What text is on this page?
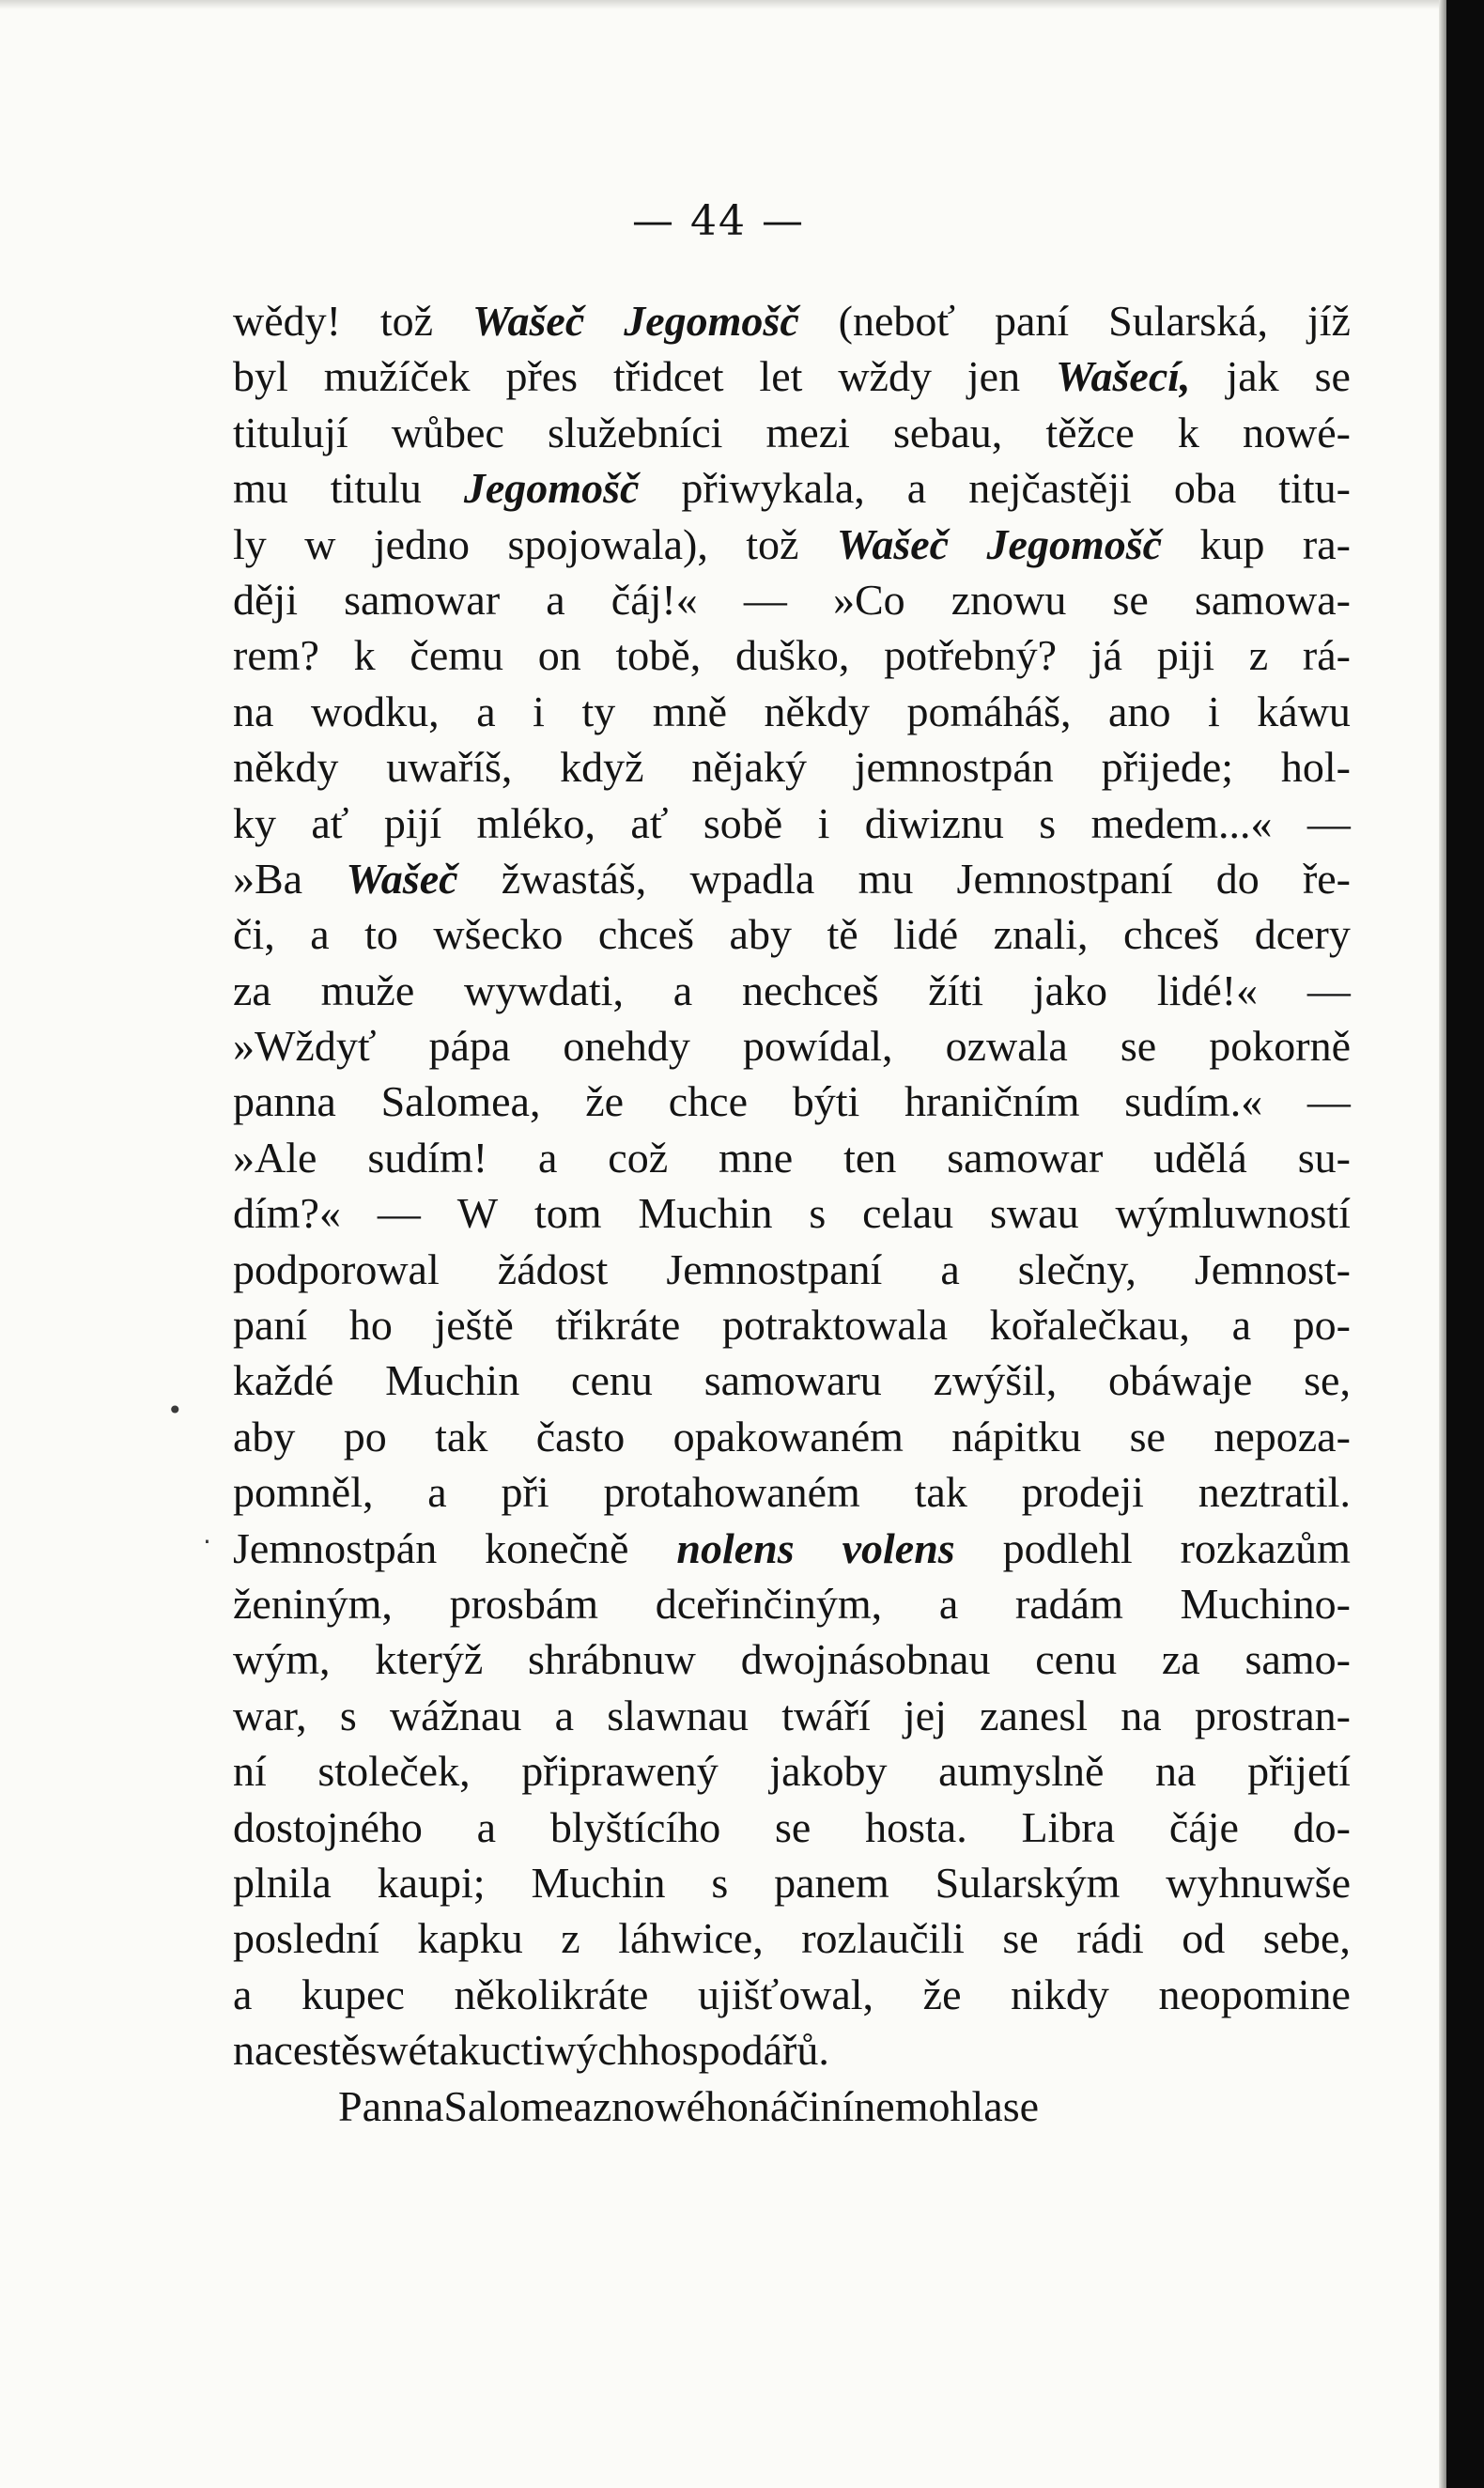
— 44 —
wědy! tož Wašeč Jegomošč (neboť paní Sularská, jíž
byl mužíček přes třidcet let wždy jen Wašecí, jak se
titulují wůbec služebníci mezi sebau, těžce k nowé-
mu titulu Jegomošč přiwykala, a nejčastěji oba titu-
ly w jedno spojowala), tož Wašeč Jegomošč kup ra-
ději samowar a čáj!« — »Co znowu se samowa-
rem? k čemu on tobě, duško, potřebný? já piji z rá-
na wodku, a i ty mně někdy pomáháš, ano i káwu
někdy uwaříš, když nějaký jemnostpán přijede; hol-
ky ať pijí mléko, ať sobě i diwiznu s medem...« —
»Ba Wašeč žwastáš, wpadla mu Jemnostpaní do ře-
či, a to wšecko chceš aby tě lidé znali, chceš dcery
za muže wywdati, a nechceš žíti jako lidé!« —
»Wždyť pápa onehdy powídal, ozwala se pokorně
panna Salomea, že chce býti hraničním sudím.« —
»Ale sudím! a což mne ten samowar udělá su-
dím?« — W tom Muchin s celau swau wýmluwností
podporowal žádost Jemnostpaní a slečny, Jemnost-
paní ho ještě třikráte potraktowala kořalečkau, a po-
každé Muchin cenu samowaru zwýšil, obáwaje se,
aby po tak často opakowaném nápitku se nepoza-
pomněl, a při protahowaném tak prodeji neztratil.
Jemnostpán konečně nolens volens podlehl rozkazům
ženiným, prosbám dceřinčiným, a radám Muchino-
wým, kterýž shrábnuw dwojnásobnau cenu za samo-
war, s wážnau a slawnau twáří jej zanesl na prostran-
ní stoleček, připrawený jakoby aumyslně na přijetí
dostojného a blyštícího se hosta. Libra čáje do-
plnila kaupi; Muchin s panem Sularským wyhnuwše
poslední kapku z láhwice, rozlaučili se rádi od sebe,
a kupec několikráte ujišťowal, že nikdy neopomine
na cestě swé tak uctiwých hospodářů.
Panna Salomea z nowého náčiní nemohla se
•
·
